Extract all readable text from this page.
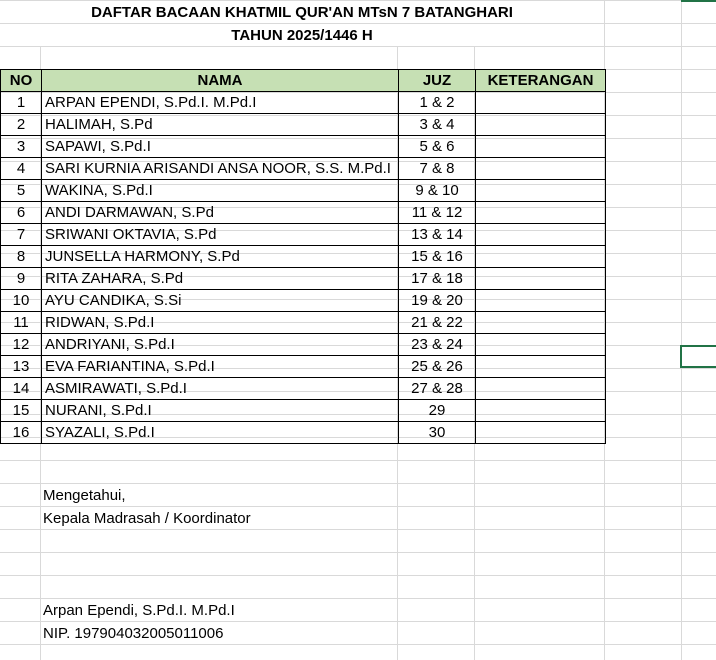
DAFTAR BACAAN KHATMIL QUR'AN MTsN 7 BATANGHARI
TAHUN 2025/1446 H
NO	NAMA	JUZ	KETERANGAN
1	ARPAN EPENDI, S.Pd.I. M.Pd.I	1 & 2	
2	HALIMAH, S.Pd	3 & 4	
3	SAPAWI, S.Pd.I	5 & 6	
4	SARI KURNIA ARISANDI ANSA NOOR, S.S. M.Pd.I	7 & 8	
5	WAKINA, S.Pd.I	9 & 10	
6	ANDI DARMAWAN, S.Pd	11 & 12	
7	SRIWANI OKTAVIA, S.Pd	13 & 14	
8	JUNSELLA HARMONY, S.Pd	15 & 16	
9	RITA ZAHARA, S.Pd	17 & 18	
10	AYU CANDIKA, S.Si	19 & 20	
11	RIDWAN, S.Pd.I	21 & 22	
12	ANDRIYANI, S.Pd.I	23 & 24	
13	EVA FARIANTINA, S.Pd.I	25 & 26	
14	ASMIRAWATI, S.Pd.I	27 & 28	
15	NURANI, S.Pd.I	29	
16	SYAZALI, S.Pd.I	30	
Mengetahui,
Kepala Madrasah / Koordinator
Arpan Ependi, S.Pd.I. M.Pd.I
NIP. 197904032005011006
